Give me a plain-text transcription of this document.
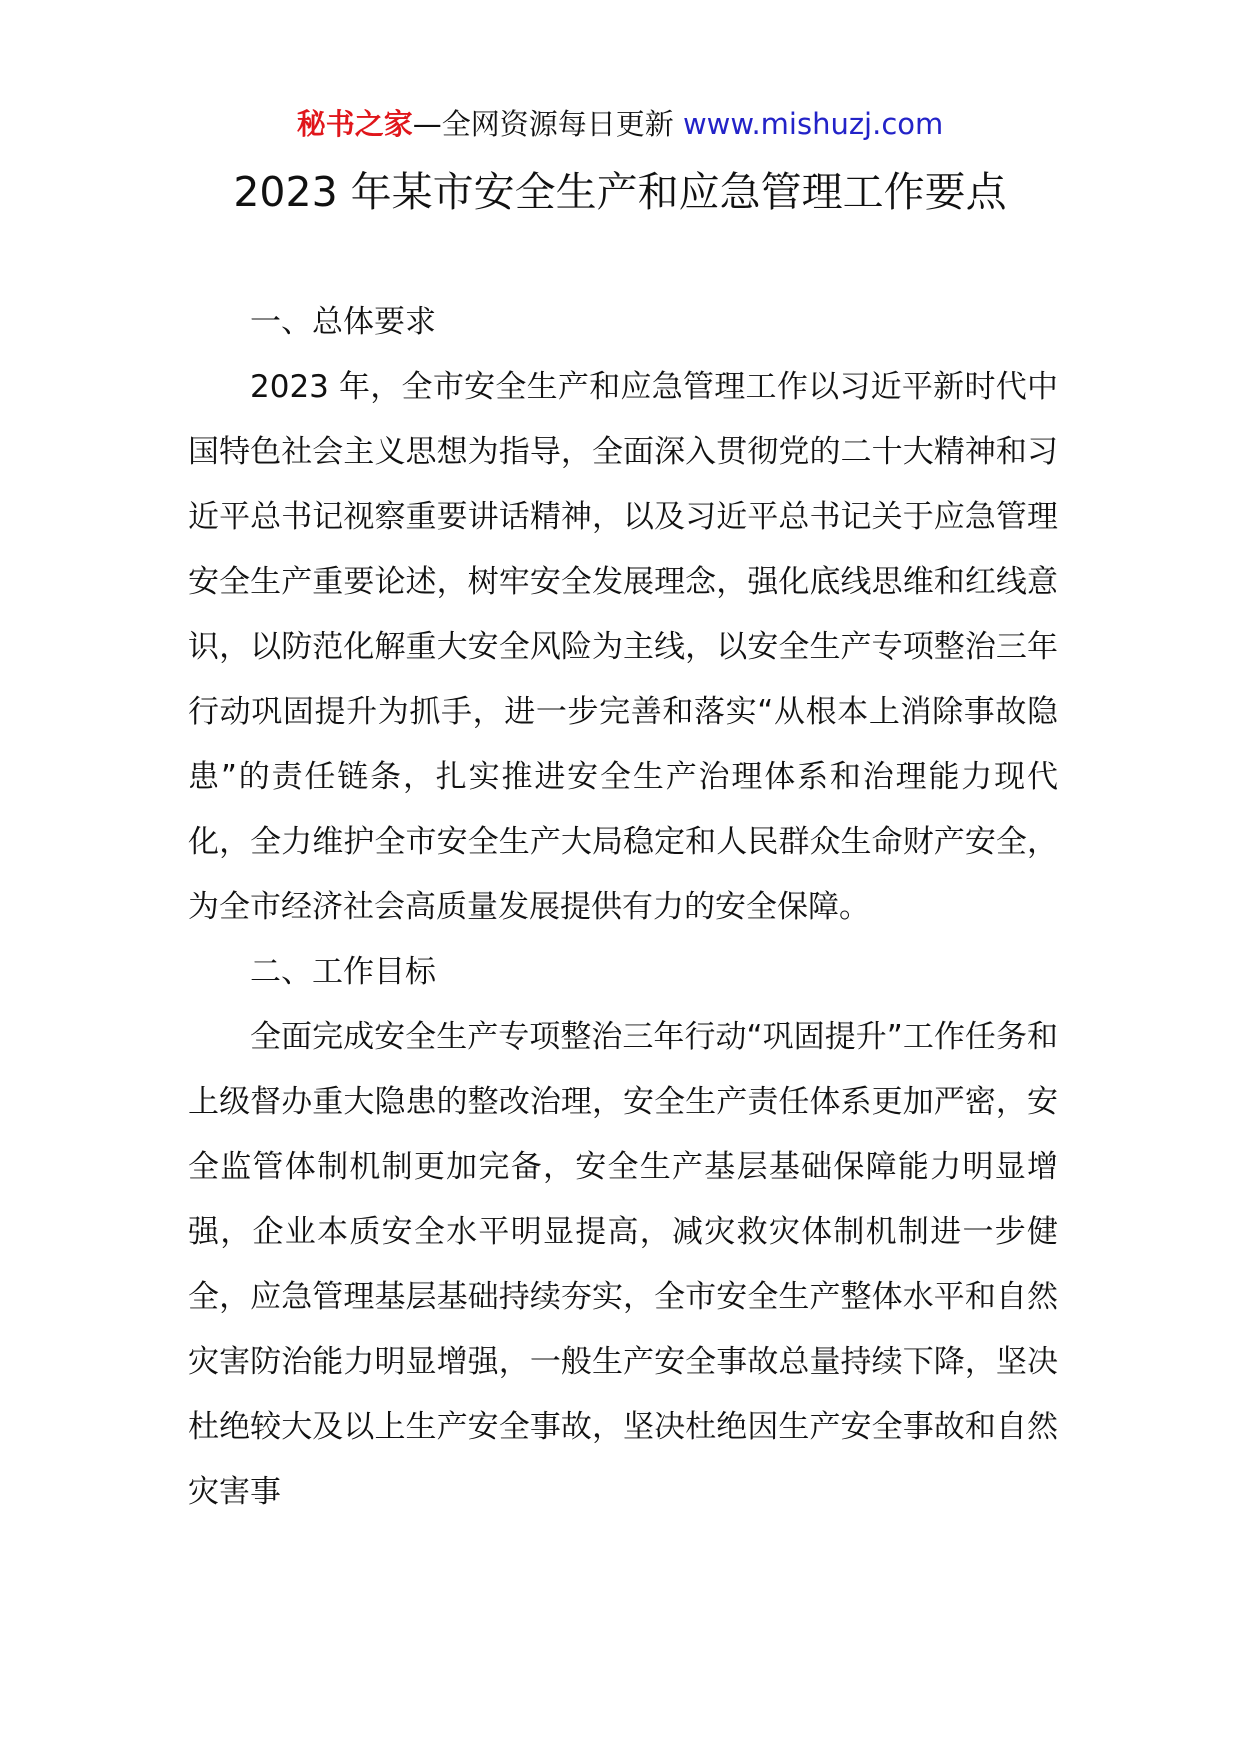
秘书之家—全网资源每日更新 www.mishuzj.com
2023 年某市安全生产和应急管理工作要点

一、总体要求

2023 年，全市安全生产和应急管理工作以习近平新时代中国特色社会主义思想为指导，全面深入贯彻党的二十大精神和习近平总书记视察重要讲话精神，以及习近平总书记关于应急管理安全生产重要论述，树牢安全发展理念，强化底线思维和红线意识，以防范化解重大安全风险为主线，以安全生产专项整治三年行动巩固提升为抓手，进一步完善和落实“从根本上消除事故隐患”的责任链条，扎实推进安全生产治理体系和治理能力现代化，全力维护全市安全生产大局稳定和人民群众生命财产安全，为全市经济社会高质量发展提供有力的安全保障。

二、工作目标

全面完成安全生产专项整治三年行动“巩固提升”工作任务和上级督办重大隐患的整改治理，安全生产责任体系更加严密，安全监管体制机制更加完备，安全生产基层基础保障能力明显增强，企业本质安全水平明显提高，减灾救灾体制机制进一步健全，应急管理基层基础持续夯实，全市安全生产整体水平和自然灾害防治能力明显增强，一般生产安全事故总量持续下降，坚决杜绝较大及以上生产安全事故，坚决杜绝因生产安全事故和自然灾害事
